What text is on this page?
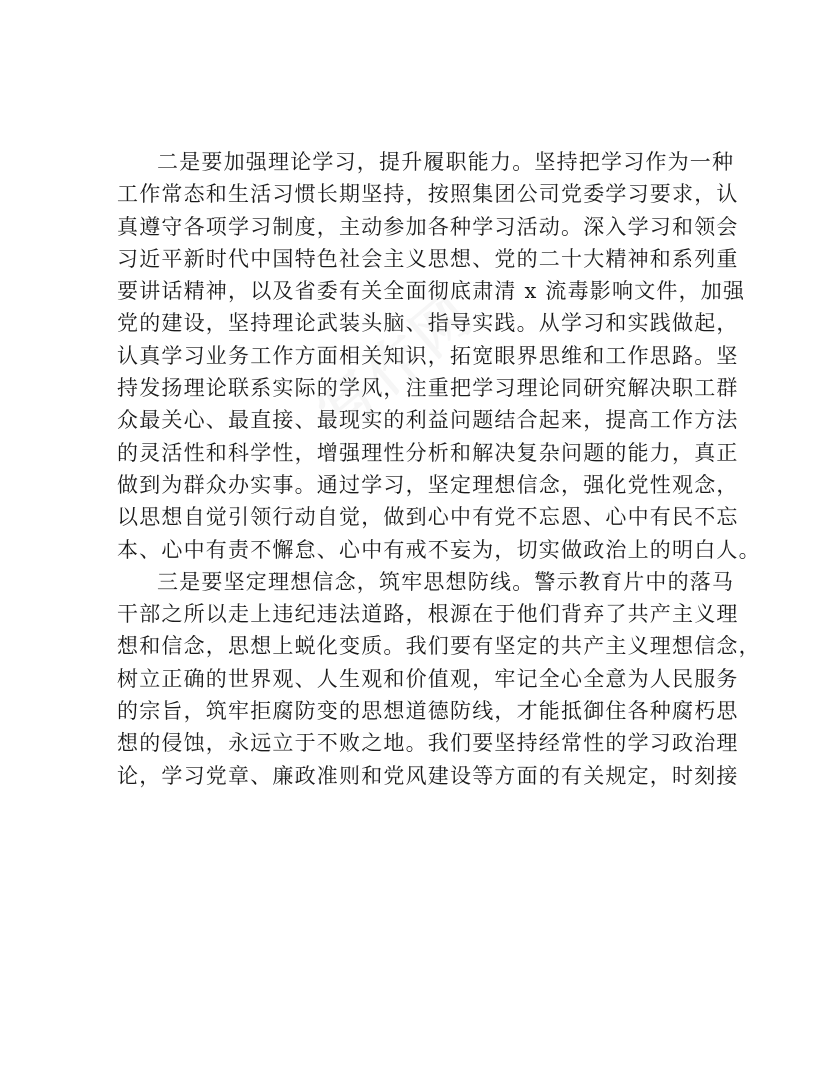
二是要加强理论学习，提升履职能力。坚持把学习作为一种
工作常态和生活习惯长期坚持，按照集团公司党委学习要求，认
真遵守各项学习制度，主动参加各种学习活动。深入学习和领会
习近平新时代中国特色社会主义思想、党的二十大精神和系列重
要讲话精神，以及省委有关全面彻底肃清 x 流毒影响文件，加强
党的建设，坚持理论武装头脑、指导实践。从学习和实践做起，
认真学习业务工作方面相关知识，拓宽眼界思维和工作思路。坚
持发扬理论联系实际的学风，注重把学习理论同研究解决职工群
众最关心、最直接、最现实的利益问题结合起来，提高工作方法
的灵活性和科学性，增强理性分析和解决复杂问题的能力，真正
做到为群众办实事。通过学习，坚定理想信念，强化党性观念，
以思想自觉引领行动自觉，做到心中有党不忘恩、心中有民不忘
本、心中有责不懈怠、心中有戒不妄为，切实做政治上的明白人。
三是要坚定理想信念，筑牢思想防线。警示教育片中的落马
干部之所以走上违纪违法道路，根源在于他们背弃了共产主义理
想和信念，思想上蜕化变质。我们要有坚定的共产主义理想信念，
树立正确的世界观、人生观和价值观，牢记全心全意为人民服务
的宗旨，筑牢拒腐防变的思想道德防线，才能抵御住各种腐朽思
想的侵蚀，永远立于不败之地。我们要坚持经常性的学习政治理
论，学习党章、廉政准则和党风建设等方面的有关规定，时刻接
